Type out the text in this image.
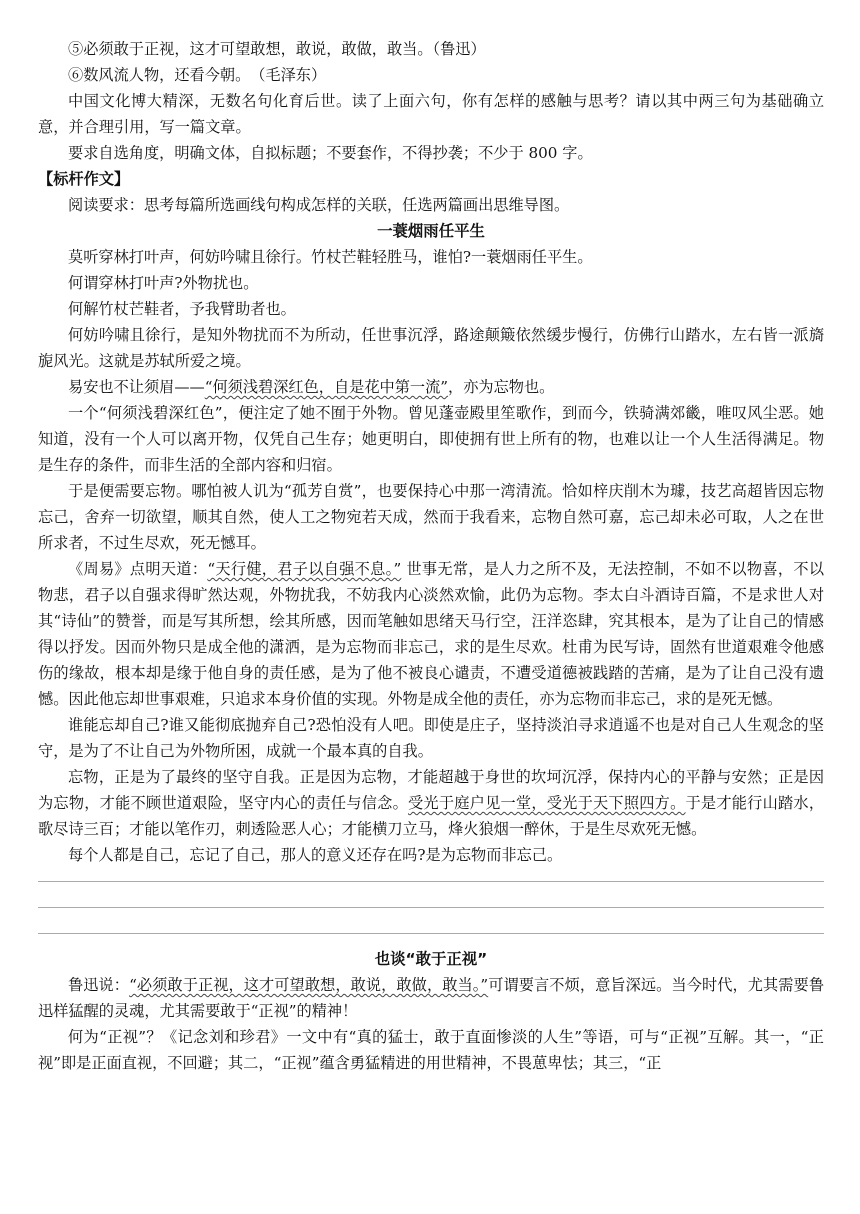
⑤必须敢于正视，这才可望敢想，敢说，敢做，敢当。（鲁迅）

⑥数风流人物，还看今朝。　（毛泽东）

中国文化博大精深，无数名句化育后世。读了上面六句，你有怎样的感触与思考？请以其中两三句为基础确立意，并合理引用，写一篇文章。

要求自选角度，明确文体，自拟标题；不要套作，不得抄袭；不少于 800 字。

【标杆作文】

阅读要求：思考每篇所选画线句构成怎样的关联，任选两篇画出思维导图。

一蓑烟雨任平生

莫听穿林打叶声，何妨吟啸且徐行。竹杖芒鞋轻胜马，谁怕?一蓑烟雨任平生。

何谓穿林打叶声?外物扰也。

何解竹杖芒鞋者，予我臂助者也。

何妨吟啸且徐行，是知外物扰而不为所动，任世事沉浮，路途颠簸依然缓步慢行，仿佛行山踏水，左右皆一派旖旎风光。这就是苏轼所爱之境。

易安也不让须眉——“何须浅碧深红色，自是花中第一流”，亦为忘物也。

一个“何须浅碧深红色”，便注定了她不囿于外物。曾见蓬壶殿里笙歌作，到而今，铁骑满郊畿，唯叹风尘恶。她知道，没有一个人可以离开物，仅凭自己生存；她更明白，即使拥有世上所有的物，也难以让一个人生活得满足。物是生存的条件，而非生活的全部内容和归宿。

于是便需要忘物。哪怕被人讥为“孤芳自赏”，也要保持心中那一湾清流。恰如梓庆削木为璩，技艺高超皆因忘物忘己，舍弃一切欲望，顺其自然，使人工之物宛若天成，然而于我看来，忘物自然可嘉，忘己却未必可取，人之在世所求者，不过生尽欢，死无憾耳。

《周易》点明天道：“天行健，君子以自强不息。” 世事无常，是人力之所不及，无法控制，不如不以物喜，不以物悲，君子以自强求得旷然达观，外物扰我，不妨我内心淡然欢愉，此仍为忘物。李太白斗酒诗百篇，不是求世人对其“诗仙”的赞誉，而是写其所想，绘其所感，因而笔触如思绪天马行空，汪洋恣肆，究其根本，是为了让自己的情感得以抒发。因而外物只是成全他的潇洒，是为忘物而非忘己，求的是生尽欢。杜甫为民写诗，固然有世道艰难令他感伤的缘故，根本却是缘于他自身的责任感，是为了他不被良心谴责，不遭受道德被践踏的苦痛，是为了让自己没有遗憾。因此他忘却世事艰难，只追求本身价值的实现。外物是成全他的责任，亦为忘物而非忘己，求的是死无憾。

谁能忘却自己?谁又能彻底抛弃自己?恐怕没有人吧。即使是庄子，坚持淡泊寻求逍遥不也是对自己人生观念的坚守，是为了不让自己为外物所困，成就一个最本真的自我。

忘物，正是为了最终的坚守自我。正是因为忘物，才能超越于身世的坎坷沉浮，保持内心的平静与安然；正是因为忘物，才能不顾世道艰险，坚守内心的责任与信念。受光于庭户见一堂，受光于天下照四方。于是才能行山踏水，歌尽诗三百；才能以笔作刃，刺透险恶人心；才能横刀立马，烽火狼烟一醉休，于是生尽欢死无憾。

每个人都是自己，忘记了自己，那人的意义还存在吗?是为忘物而非忘己。

也谈“敢于正视”

鲁迅说：“必须敢于正视，这才可望敢想，敢说，敢做，敢当。”可谓要言不烦，意旨深远。当今时代，尤其需要鲁迅样猛醒的灵魂，尤其需要敢于“正视”的精神！

何为“正视”？《记念刘和珍君》一文中有“真的猛士，敢于直面惨淡的人生”等语，可与“正视”互解。其一，“正视”即是正面直视，不回避；其二，“正视”蕴含勇猛精进的用世精神，不畏葸卑怯；其三，“正
